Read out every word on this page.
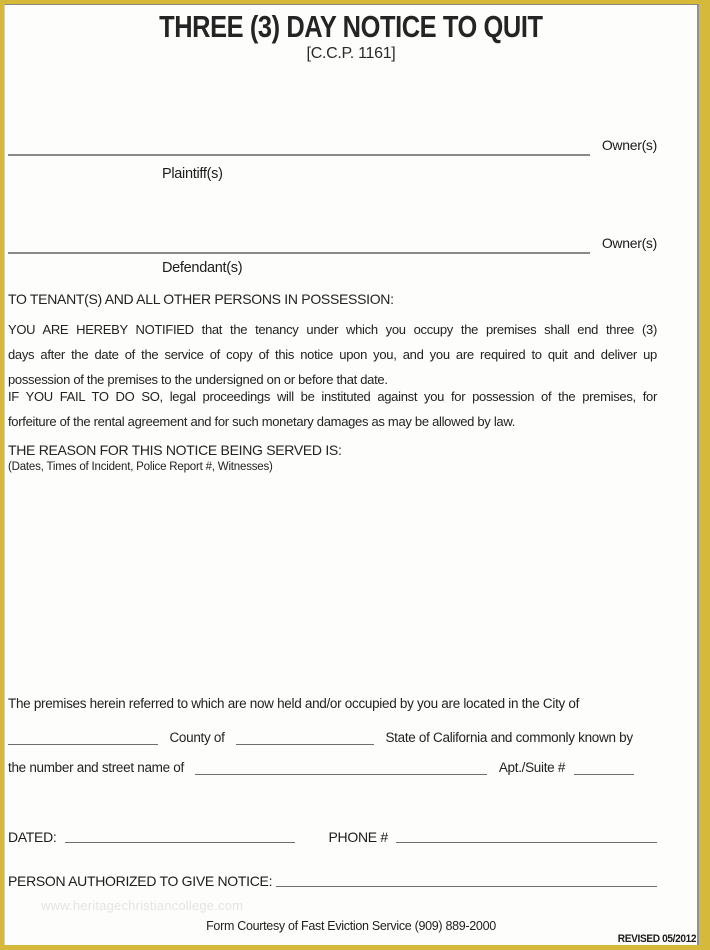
THREE (3) DAY NOTICE TO QUIT
[C.C.P. 1161]
Owner(s)
Plaintiff(s)
Owner(s)
Defendant(s)
TO TENANT(S) AND ALL OTHER PERSONS IN POSSESSION:
YOU ARE HEREBY NOTIFIED that the tenancy under which you occupy the premises shall end three (3)
days after the date of the service of copy of this notice upon you, and you are required to quit and deliver up
possession of the premises to the undersigned on or before that date.
IF YOU FAIL TO DO SO, legal proceedings will be instituted against you for possession of the premises, for
forfeiture of the rental agreement and for such monetary damages as may be allowed by law.
THE REASON FOR THIS NOTICE BEING SERVED IS:
(Dates, Times of Incident, Police Report #, Witnesses)
The premises herein referred to which are now held and/or occupied by you are located in the City of
County of	State of California and commonly known by
the number and street name of	Apt./Suite #
DATED:	PHONE #
PERSON AUTHORIZED TO GIVE NOTICE:
www.heritagechristiancollege.com
Form Courtesy of Fast Eviction Service (909) 889-2000
REVISED 05/2012
